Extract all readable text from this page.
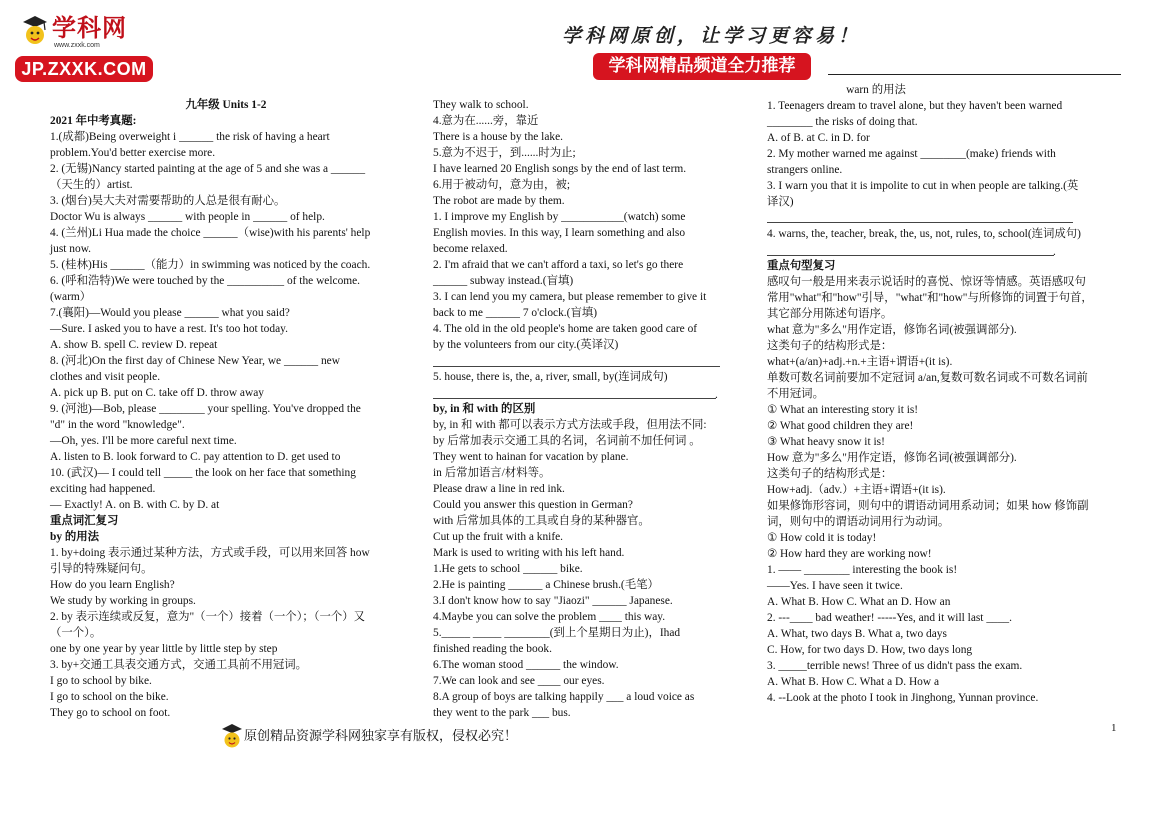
学科网
www.zxxk.com
JP.ZXXK.COM
学科网原创，让学习更容易！
学科网精品频道全力推荐
九年级 Units 1-2
2021 年中考真题:
1.(成都)Being overweight i ______ the risk of having a heart
problem.You'd better exercise more.
2. (无锡)Nancy started painting at the age of 5 and she was a ______
（天生的）artist.
3. (烟台)吴大夫对需要帮助的人总是很有耐心。
Doctor Wu is always ______ with people in ______ of help.
4. (兰州)Li Hua made the choice ______（wise)with his parents' help
just now.
5. (桂林)His ______（能力）in swimming was noticed by the coach.
6. (呼和浩特)We were touched by the __________ of the welcome.
(warm）
7.(襄阳)—Would you please ______ what you said?
—Sure. I asked you to have a rest. It's too hot today.
A. show B. spell C. review D. repeat
8. (河北)On the first day of Chinese New Year, we ______ new
clothes and visit people.
A. pick up B. put on C. take off D. throw away
9. (河池)—Bob, please ________ your spelling. You've dropped the
"d" in the word "knowledge".
—Oh, yes. I'll be more careful next time.
A. listen to B. look forward to C. pay attention to D. get used to
10. (武汉)— I could tell _____ the look on her face that something
exciting had happened.
— Exactly! A. on B. with C. by D. at
重点词汇复习
by 的用法
1. by+doing 表示通过某种方法，方式或手段，可以用来回答 how
引导的特殊疑问句。
How do you learn English?
We study by working in groups.
2. by 表示连续或反复，意为"（一个）接着（一个）；（一个）又
（一个）。
one by one year by year little by little step by step
3. by+交通工具表交通方式，交通工具前不用冠词。
I go to school by bike.
I go to school on the bike.
They go to school on foot.
They walk to school.
4.意为在......旁，靠近
There is a house by the lake.
5.意为不迟于，到......时为止;
I have learned 20 English songs by the end of last term.
6.用于被动句，意为由，被;
The robot are made by them.
1. I improve my English by ___________(watch) some
English movies. In this way, I learn something and also
become relaxed.
2. I'm afraid that we can't afford a taxi, so let's go there
______ subway instead.(盲填)
3. I can lend you my camera, but please remember to give it
back to me ______ 7 o'clock.(盲填)
4. The old in the old people's home are taken good care of
by the volunteers from our city.(英译汉)
5. house, there is, the, a, river, small, by(连词成句)
.
by, in 和 with 的区别
by, in 和 with 都可以表示方式方法或手段，但用法不同:
by 后常加表示交通工具的名词，名词前不加任何词 。
They went to hainan for vacation by plane.
in 后常加语言/材料等。
Please draw a line in red ink.
Could you answer this question in German?
with 后常加具体的工具或自身的某种器官。
Cut up the fruit with a knife.
Mark is used to writing with his left hand.
1.He gets to school ______ bike.
2.He is painting ______ a Chinese brush.(毛笔）
3.I don't know how to say "Jiaozi" ______ Japanese.
4.Maybe you can solve the problem ____ this way.
5._____ _____ ________(到上个星期日为止)，Ihad
finished reading the book.
6.The woman stood ______ the window.
7.We can look and see ____ our eyes.
8.A group of boys are talking happily ___ a loud voice as
they went to the park ___ bus.
warn 的用法
1. Teenagers dream to travel alone, but they haven't been warned
________ the risks of doing that.
A. of B. at C. in D. for
2. My mother warned me against ________(make) friends with
strangers online.
3. I warn you that it is impolite to cut in when people are talking.(英
译汉)
4. warns, the, teacher, break, the, us, not, rules, to, school(连词成句)
.
重点句型复习
感叹句一般是用来表示说话时的喜悦、惊讶等情感。英语感叹句
常用"what"和"how"引导，"what"和"how"与所修饰的词置于句首，
其它部分用陈述句语序。
what 意为"多么"用作定语，修饰名词(被强调部分).
这类句子的结构形式是：
what+(a/an)+adj.+n.+主语+谓语+(it is).
单数可数名词前要加不定冠词 a/an,复数可数名词或不可数名词前
不用冠词。
① What an interesting story it is!
② What good children they are!
③ What heavy snow it is!
How 意为"多么"用作定语，修饰名词(被强调部分).
这类句子的结构形式是：
How+adj.（adv.）+主语+谓语+(it is).
如果修饰形容词，则句中的谓语动词用系动词；如果 how 修饰副
词，则句中的谓语动词用行为动词。
① How cold it is today!
② How hard they are working now!
1. —— ________ interesting the book is!
——Yes. I have seen it twice.
A. What B. How C. What an D. How an
2. ---____ bad weather! -----Yes, and it will last ____.
A. What, two days B. What a, two days
C. How, for two days D. How, two days long
3. _____terrible news! Three of us didn't pass the exam.
A. What B. How C. What a D. How a
4. --Look at the photo I took in Jinghong, Yunnan province.
原创精品资源学科网独家享有版权，侵权必究！
1
